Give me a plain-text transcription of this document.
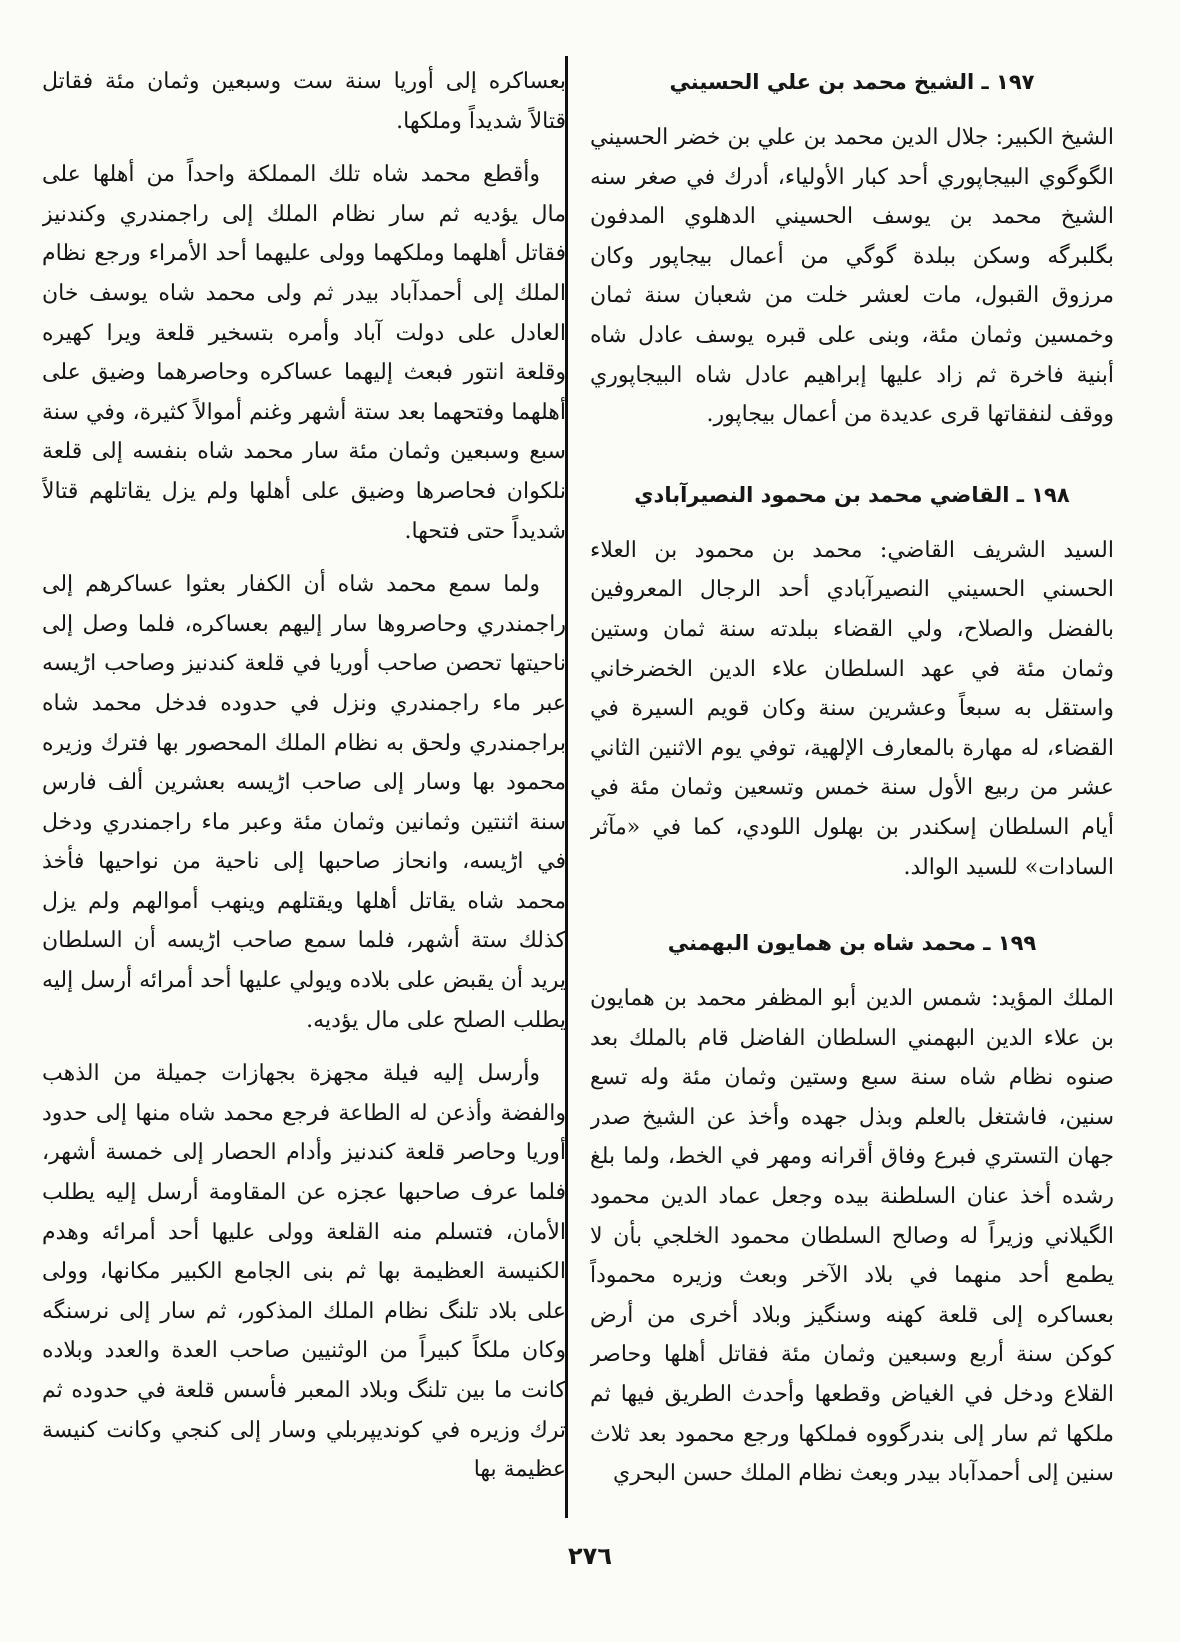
١٩٧ ـ الشيخ محمد بن علي الحسيني

الشيخ الكبير: جلال الدين محمد بن علي بن خضر الحسيني الگوگوي البيجاپوري أحد كبار الأولياء، أدرك في صغر سنه الشيخ محمد بن يوسف الحسيني الدهلوي المدفون بگلبرگه وسكن ببلدة گوگي من أعمال بيجاپور وكان مرزوق القبول، مات لعشر خلت من شعبان سنة ثمان وخمسين وثمان مئة، وبنى على قبره يوسف عادل شاه أبنية فاخرة ثم زاد عليها إبراهيم عادل شاه البيجاپوري ووقف لنفقاتها قرى عديدة من أعمال بيجاپور.

١٩٨ ـ القاضي محمد بن محمود النصيرآبادي

السيد الشريف القاضي: محمد بن محمود بن العلاء الحسني الحسيني النصيرآبادي أحد الرجال المعروفين بالفضل والصلاح، ولي القضاء ببلدته سنة ثمان وستين وثمان مئة في عهد السلطان علاء الدين الخضرخاني واستقل به سبعاً وعشرين سنة وكان قويم السيرة في القضاء، له مهارة بالمعارف الإلهية، توفي يوم الاثنين الثاني عشر من ربيع الأول سنة خمس وتسعين وثمان مئة في أيام السلطان إسكندر بن بهلول اللودي، كما في «مآثر السادات» للسيد الوالد.

١٩٩ ـ محمد شاه بن همايون البهمني

الملك المؤيد: شمس الدين أبو المظفر محمد بن همايون بن علاء الدين البهمني السلطان الفاضل قام بالملك بعد صنوه نظام شاه سنة سبع وستين وثمان مئة وله تسع سنين، فاشتغل بالعلم وبذل جهده وأخذ عن الشيخ صدر جهان التستري فبرع وفاق أقرانه ومهر في الخط، ولما بلغ رشده أخذ عنان السلطنة بيده وجعل عماد الدين محمود الگيلاني وزيراً له وصالح السلطان محمود الخلجي بأن لا يطمع أحد منهما في بلاد الآخر وبعث وزيره محموداً بعساكره إلى قلعة كهنه وسنگيز وبلاد أخرى من أرض كوكن سنة أربع وسبعين وثمان مئة فقاتل أهلها وحاصر القلاع ودخل في الغياض وقطعها وأحدث الطريق فيها ثم ملكها ثم سار إلى بندرگووه فملكها ورجع محمود بعد ثلاث سنين إلى أحمدآباد بيدر وبعث نظام الملك حسن البحري

بعساكره إلى أوريا سنة ست وسبعين وثمان مئة فقاتل قتالاً شديداً وملكها.

وأقطع محمد شاه تلك المملكة واحداً من أهلها على مال يؤديه ثم سار نظام الملك إلى راجمندري وكندنيز فقاتل أهلهما وملكهما وولى عليهما أحد الأمراء ورجع نظام الملك إلى أحمدآباد بيدر ثم ولى محمد شاه يوسف خان العادل على دولت آباد وأمره بتسخير قلعة ويرا كهيره وقلعة انتور فبعث إليهما عساكره وحاصرهما وضيق على أهلهما وفتحهما بعد ستة أشهر وغنم أموالاً كثيرة، وفي سنة سبع وسبعين وثمان مئة سار محمد شاه بنفسه إلى قلعة نلكوان فحاصرها وضيق على أهلها ولم يزل يقاتلهم قتالاً شديداً حتى فتحها.

ولما سمع محمد شاه أن الكفار بعثوا عساكرهم إلى راجمندري وحاصروها سار إليهم بعساكره، فلما وصل إلى ناحيتها تحصن صاحب أوريا في قلعة كندنيز وصاحب اڑيسه عبر ماء راجمندري ونزل في حدوده فدخل محمد شاه براجمندري ولحق به نظام الملك المحصور بها فترك وزيره محمود بها وسار إلى صاحب اڑيسه بعشرين ألف فارس سنة اثنتين وثمانين وثمان مئة وعبر ماء راجمندري ودخل في اڑيسه، وانحاز صاحبها إلى ناحية من نواحيها فأخذ محمد شاه يقاتل أهلها ويقتلهم وينهب أموالهم ولم يزل كذلك ستة أشهر، فلما سمع صاحب اڑيسه أن السلطان يريد أن يقبض على بلاده ويولي عليها أحد أمرائه أرسل إليه يطلب الصلح على مال يؤديه.

وأرسل إليه فيلة مجهزة بجهازات جميلة من الذهب والفضة وأذعن له الطاعة فرجع محمد شاه منها إلى حدود أوريا وحاصر قلعة كندنيز وأدام الحصار إلى خمسة أشهر، فلما عرف صاحبها عجزه عن المقاومة أرسل إليه يطلب الأمان، فتسلم منه القلعة وولى عليها أحد أمرائه وهدم الكنيسة العظيمة بها ثم بنى الجامع الكبير مكانها، وولى على بلاد تلنگ نظام الملك المذكور، ثم سار إلى نرسنگه وكان ملكاً كبيراً من الوثنيين صاحب العدة والعدد وبلاده كانت ما بين تلنگ وبلاد المعبر فأسس قلعة في حدوده ثم ترك وزيره في كونديپربلي وسار إلى كنجي وكانت كنيسة عظيمة بها

٢٧٦
